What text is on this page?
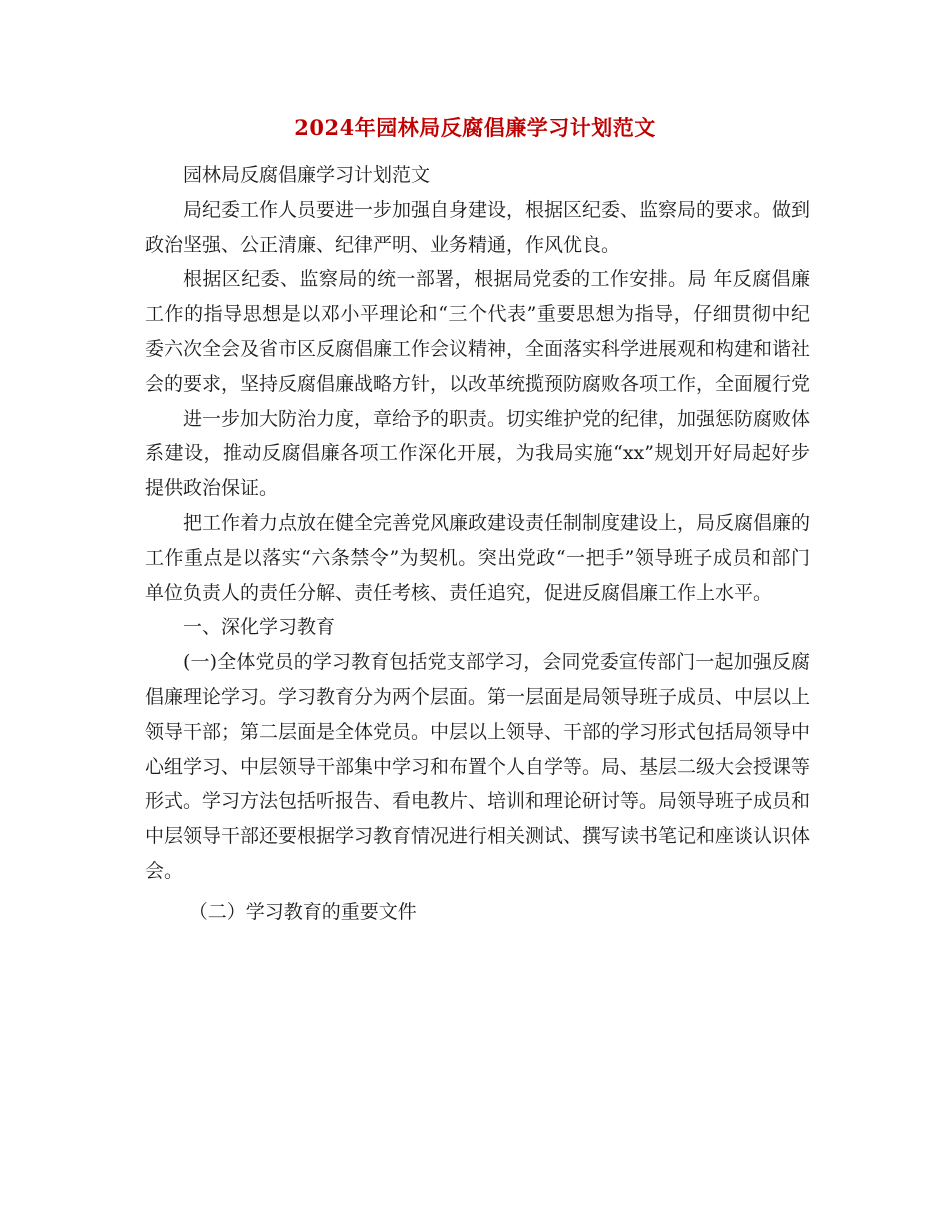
2024年园林局反腐倡廉学习计划范文

园林局反腐倡廉学习计划范文

局纪委工作人员要进一步加强自身建设，根据区纪委、监察局的要求。做到政治坚强、公正清廉、纪律严明、业务精通，作风优良。

根据区纪委、监察局的统一部署，根据局党委的工作安排。局 年反腐倡廉工作的指导思想是以邓小平理论和“三个代表”重要思想为指导，仔细贯彻中纪委六次全会及省市区反腐倡廉工作会议精神，全面落实科学进展观和构建和谐社会的要求，坚持反腐倡廉战略方针，以改革统揽预防腐败各项工作，全面履行党

进一步加大防治力度，章给予的职责。切实维护党的纪律，加强惩防腐败体系建设，推动反腐倡廉各项工作深化开展，为我局实施“xx”规划开好局起好步提供政治保证。

把工作着力点放在健全完善党风廉政建设责任制制度建设上，局反腐倡廉的工作重点是以落实“六条禁令”为契机。突出党政“一把手”领导班子成员和部门单位负责人的责任分解、责任考核、责任追究，促进反腐倡廉工作上水平。

一、深化学习教育

(一)全体党员的学习教育包括党支部学习，会同党委宣传部门一起加强反腐倡廉理论学习。学习教育分为两个层面。第一层面是局领导班子成员、中层以上领导干部；第二层面是全体党员。中层以上领导、干部的学习形式包括局领导中心组学习、中层领导干部集中学习和布置个人自学等。局、基层二级大会授课等形式。学习方法包括听报告、看电教片、培训和理论研讨等。局领导班子成员和中层领导干部还要根据学习教育情况进行相关测试、撰写读书笔记和座谈认识体会。

（二）学习教育的重要文件
